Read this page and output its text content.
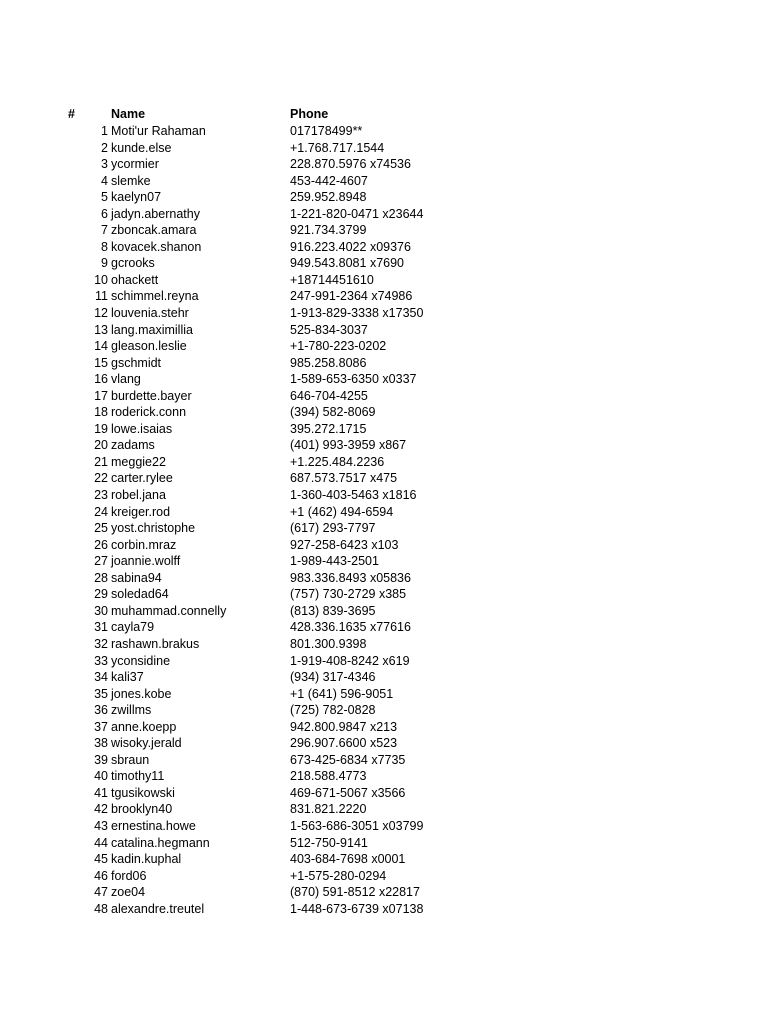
#	Name	Phone
1 Moti'ur Rahaman	017178499**
2 kunde.else	+1.768.717.1544
3 ycormier	228.870.5976 x74536
4 slemke	453-442-4607
5 kaelyn07	259.952.8948
6 jadyn.abernathy	1-221-820-0471 x23644
7 zboncak.amara	921.734.3799
8 kovacek.shanon	916.223.4022 x09376
9 gcrooks	949.543.8081 x7690
10 ohackett	+18714451610
11 schimmel.reyna	247-991-2364 x74986
12 louvenia.stehr	1-913-829-3338 x17350
13 lang.maximillia	525-834-3037
14 gleason.leslie	+1-780-223-0202
15 gschmidt	985.258.8086
16 vlang	1-589-653-6350 x0337
17 burdette.bayer	646-704-4255
18 roderick.conn	(394) 582-8069
19 lowe.isaias	395.272.1715
20 zadams	(401) 993-3959 x867
21 meggie22	+1.225.484.2236
22 carter.rylee	687.573.7517 x475
23 robel.jana	1-360-403-5463 x1816
24 kreiger.rod	+1 (462) 494-6594
25 yost.christophe	(617) 293-7797
26 corbin.mraz	927-258-6423 x103
27 joannie.wolff	1-989-443-2501
28 sabina94	983.336.8493 x05836
29 soledad64	(757) 730-2729 x385
30 muhammad.connelly	(813) 839-3695
31 cayla79	428.336.1635 x77616
32 rashawn.brakus	801.300.9398
33 yconsidine	1-919-408-8242 x619
34 kali37	(934) 317-4346
35 jones.kobe	+1 (641) 596-9051
36 zwillms	(725) 782-0828
37 anne.koepp	942.800.9847 x213
38 wisoky.jerald	296.907.6600 x523
39 sbraun	673-425-6834 x7735
40 timothy11	218.588.4773
41 tgusikowski	469-671-5067 x3566
42 brooklyn40	831.821.2220
43 ernestina.howe	1-563-686-3051 x03799
44 catalina.hegmann	512-750-9141
45 kadin.kuphal	403-684-7698 x0001
46 ford06	+1-575-280-0294
47 zoe04	(870) 591-8512 x22817
48 alexandre.treutel	1-448-673-6739 x07138
